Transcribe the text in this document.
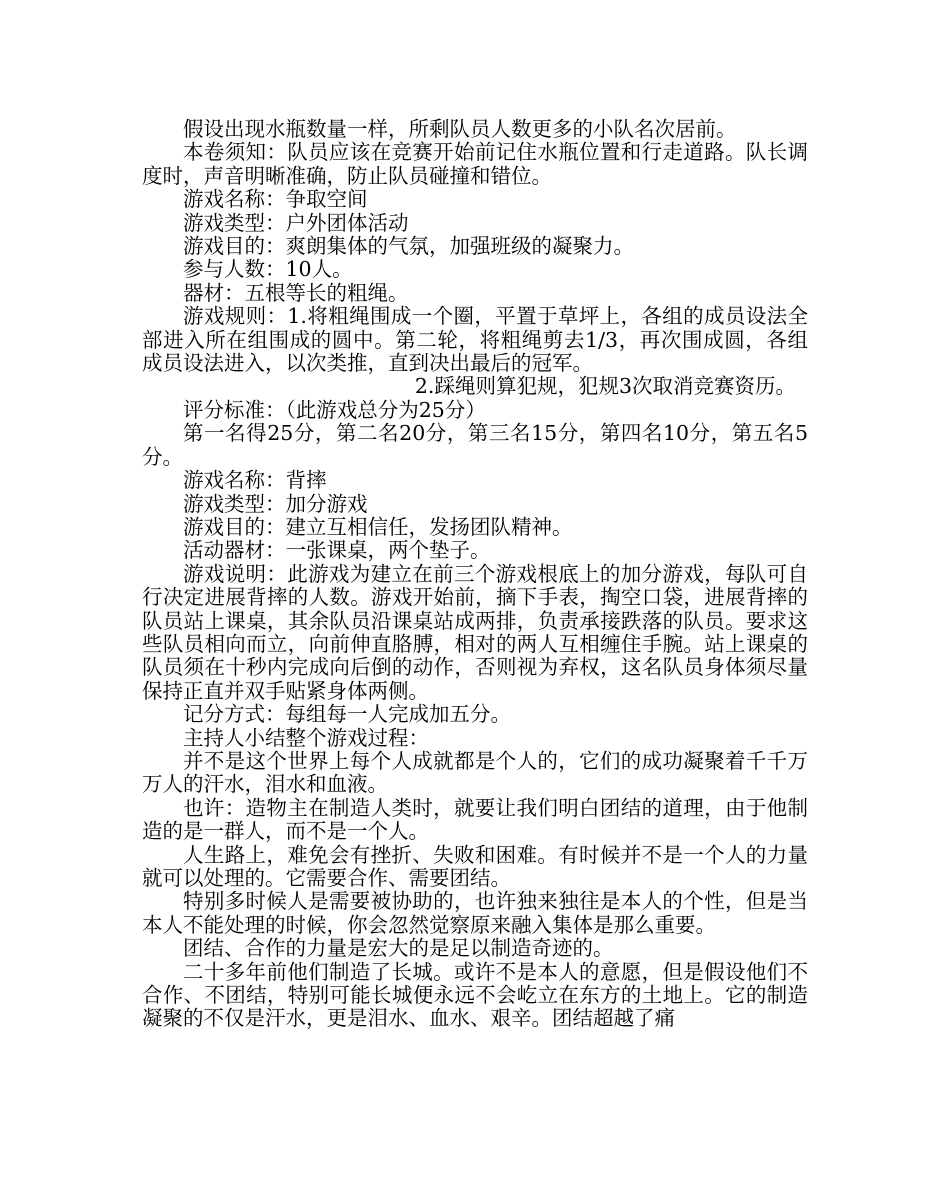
假设出现水瓶数量一样，所剩队员人数更多的小队名次居前。

本卷须知：队员应该在竞赛开始前记住水瓶位置和行走道路。队长调度时，声音明晰准确，防止队员碰撞和错位。

游戏名称：争取空间

游戏类型：户外团体活动

游戏目的：爽朗集体的气氛，加强班级的凝聚力。

参与人数：10人。

器材：五根等长的粗绳。

游戏规则：1.将粗绳围成一个圈，平置于草坪上，各组的成员设法全部进入所在组围成的圆中。第二轮，将粗绳剪去1/3，再次围成圆，各组成员设法进入，以次类推，直到决出最后的冠军。

2.踩绳则算犯规，犯规3次取消竞赛资历。

评分标准：（此游戏总分为25分）

第一名得25分，第二名20分，第三名15分，第四名10分，第五名5分。

游戏名称：背摔

游戏类型：加分游戏

游戏目的：建立互相信任，发扬团队精神。

活动器材：一张课桌，两个垫子。

游戏说明：此游戏为建立在前三个游戏根底上的加分游戏，每队可自行决定进展背摔的人数。游戏开始前，摘下手表，掏空口袋，进展背摔的队员站上课桌，其余队员沿课桌站成两排，负责承接跌落的队员。要求这些队员相向而立，向前伸直胳膊，相对的两人互相缠住手腕。站上课桌的队员须在十秒内完成向后倒的动作，否则视为弃权，这名队员身体须尽量保持正直并双手贴紧身体两侧。

记分方式：每组每一人完成加五分。

主持人小结整个游戏过程：

并不是这个世界上每个人成就都是个人的，它们的成功凝聚着千千万万人的汗水，泪水和血液。

也许：造物主在制造人类时，就要让我们明白团结的道理，由于他制造的是一群人，而不是一个人。

人生路上，难免会有挫折、失败和困难。有时候并不是一个人的力量就可以处理的。它需要合作、需要团结。

特别多时候人是需要被协助的，也许独来独往是本人的个性，但是当本人不能处理的时候，你会忽然觉察原来融入集体是那么重要。

团结、合作的力量是宏大的是足以制造奇迹的。

二十多年前他们制造了长城。或许不是本人的意愿，但是假设他们不合作、不团结，特别可能长城便永远不会屹立在东方的土地上。它的制造凝聚的不仅是汗水，更是泪水、血水、艰辛。团结超越了痛
